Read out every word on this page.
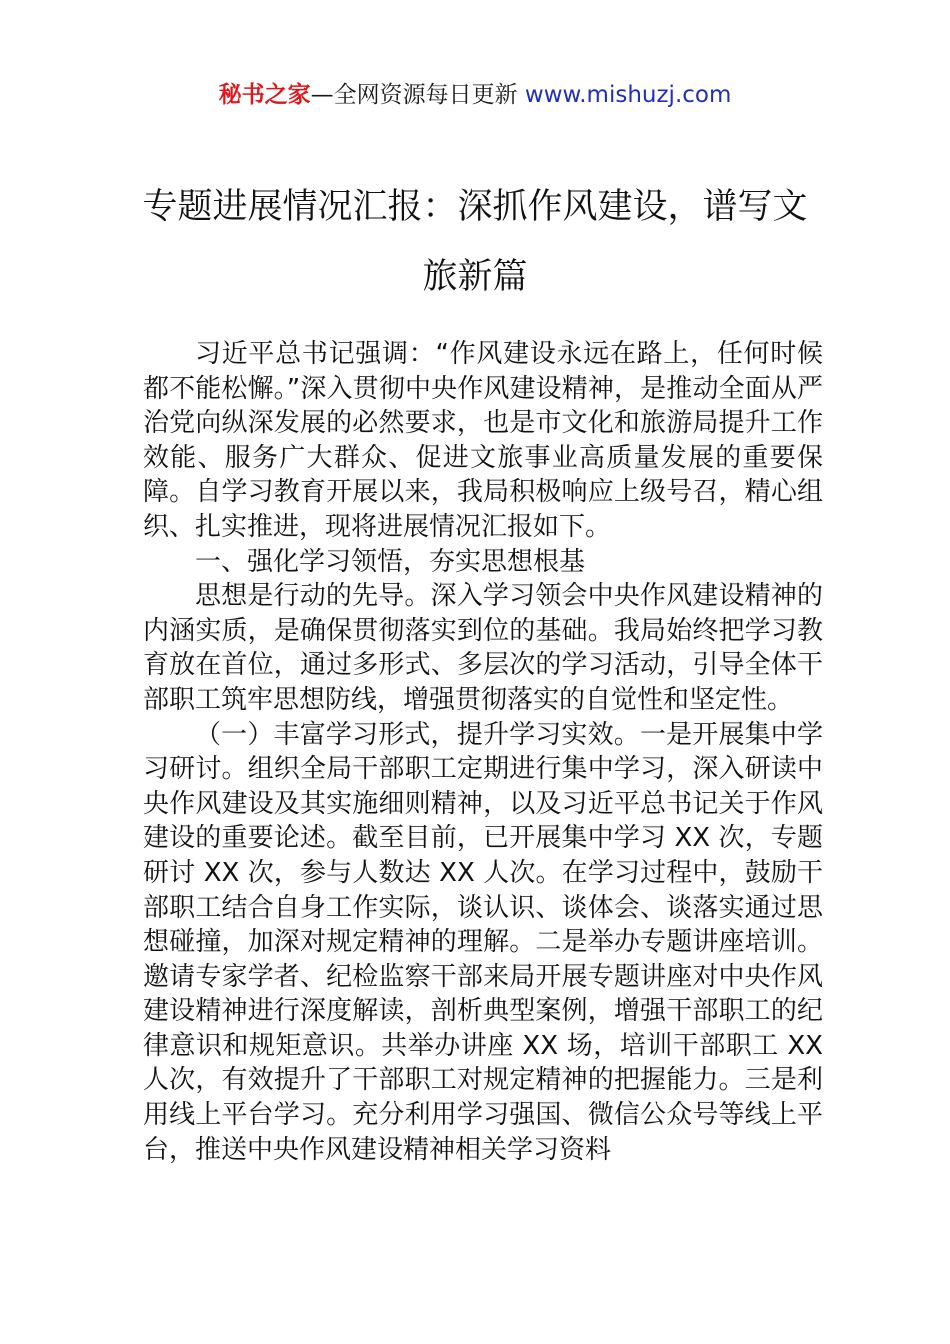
秘书之家—全网资源每日更新 www.mishuzj.com
专题进展情况汇报：深抓作风建设，谱写文旅新篇

习近平总书记强调：“作风建设永远在路上，任何时候都不能松懈。”深入贯彻中央作风建设精神，是推动全面从严治党向纵深发展的必然要求，也是市文化和旅游局提升工作效能、服务广大群众、促进文旅事业高质量发展的重要保障。自学习教育开展以来，我局积极响应上级号召，精心组织、扎实推进，现将进展情况汇报如下。

一、强化学习领悟，夯实思想根基

思想是行动的先导。深入学习领会中央作风建设精神的内涵实质，是确保贯彻落实到位的基础。我局始终把学习教育放在首位，通过多形式、多层次的学习活动，引导全体干部职工筑牢思想防线，增强贯彻落实的自觉性和坚定性。

（一）丰富学习形式，提升学习实效。一是开展集中学习研讨。组织全局干部职工定期进行集中学习，深入研读中央作风建设及其实施细则精神，以及习近平总书记关于作风建设的重要论述。截至目前，已开展集中学习 XX 次，专题研讨 XX 次，参与人数达 XX 人次。在学习过程中，鼓励干部职工结合自身工作实际，谈认识、谈体会、谈落实通过思想碰撞，加深对规定精神的理解。二是举办专题讲座培训。邀请专家学者、纪检监察干部来局开展专题讲座对中央作风建设精神进行深度解读，剖析典型案例，增强干部职工的纪律意识和规矩意识。共举办讲座 XX 场，培训干部职工 XX 人次，有效提升了干部职工对规定精神的把握能力。三是利用线上平台学习。充分利用学习强国、微信公众号等线上平台，推送中央作风建设精神相关学习资料
